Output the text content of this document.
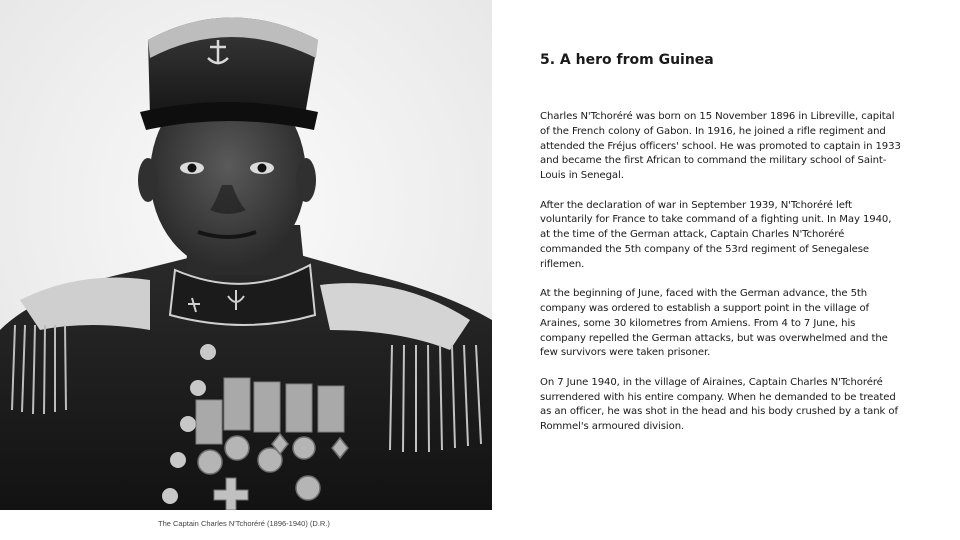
The Captain Charles N'Tchoréré (1896-1940) (D.R.)
5. A hero from Guinea

Charles N'Tchoréré was born on 15 November 1896 in Libreville, capital of the French colony of Gabon. In 1916, he joined a rifle regiment and attended the Fréjus officers' school. He was promoted to captain in 1933 and became the first African to command the military school of Saint-Louis in Senegal.

After the declaration of war in September 1939, N'Tchoréré left voluntarily for France to take command of a fighting unit. In May 1940, at the time of the German attack, Captain Charles N'Tchoréré commanded the 5th company of the 53rd regiment of Senegalese riflemen.

At the beginning of June, faced with the German advance, the 5th company was ordered to establish a support point in the village of Araines, some 30 kilometres from Amiens. From 4 to 7 June, his company repelled the German attacks, but was overwhelmed and the few survivors were taken prisoner.

On 7 June 1940, in the village of Airaines, Captain Charles N'Tchoréré surrendered with his entire company. When he demanded to be treated as an officer, he was shot in the head and his body crushed by a tank of Rommel's armoured division.
